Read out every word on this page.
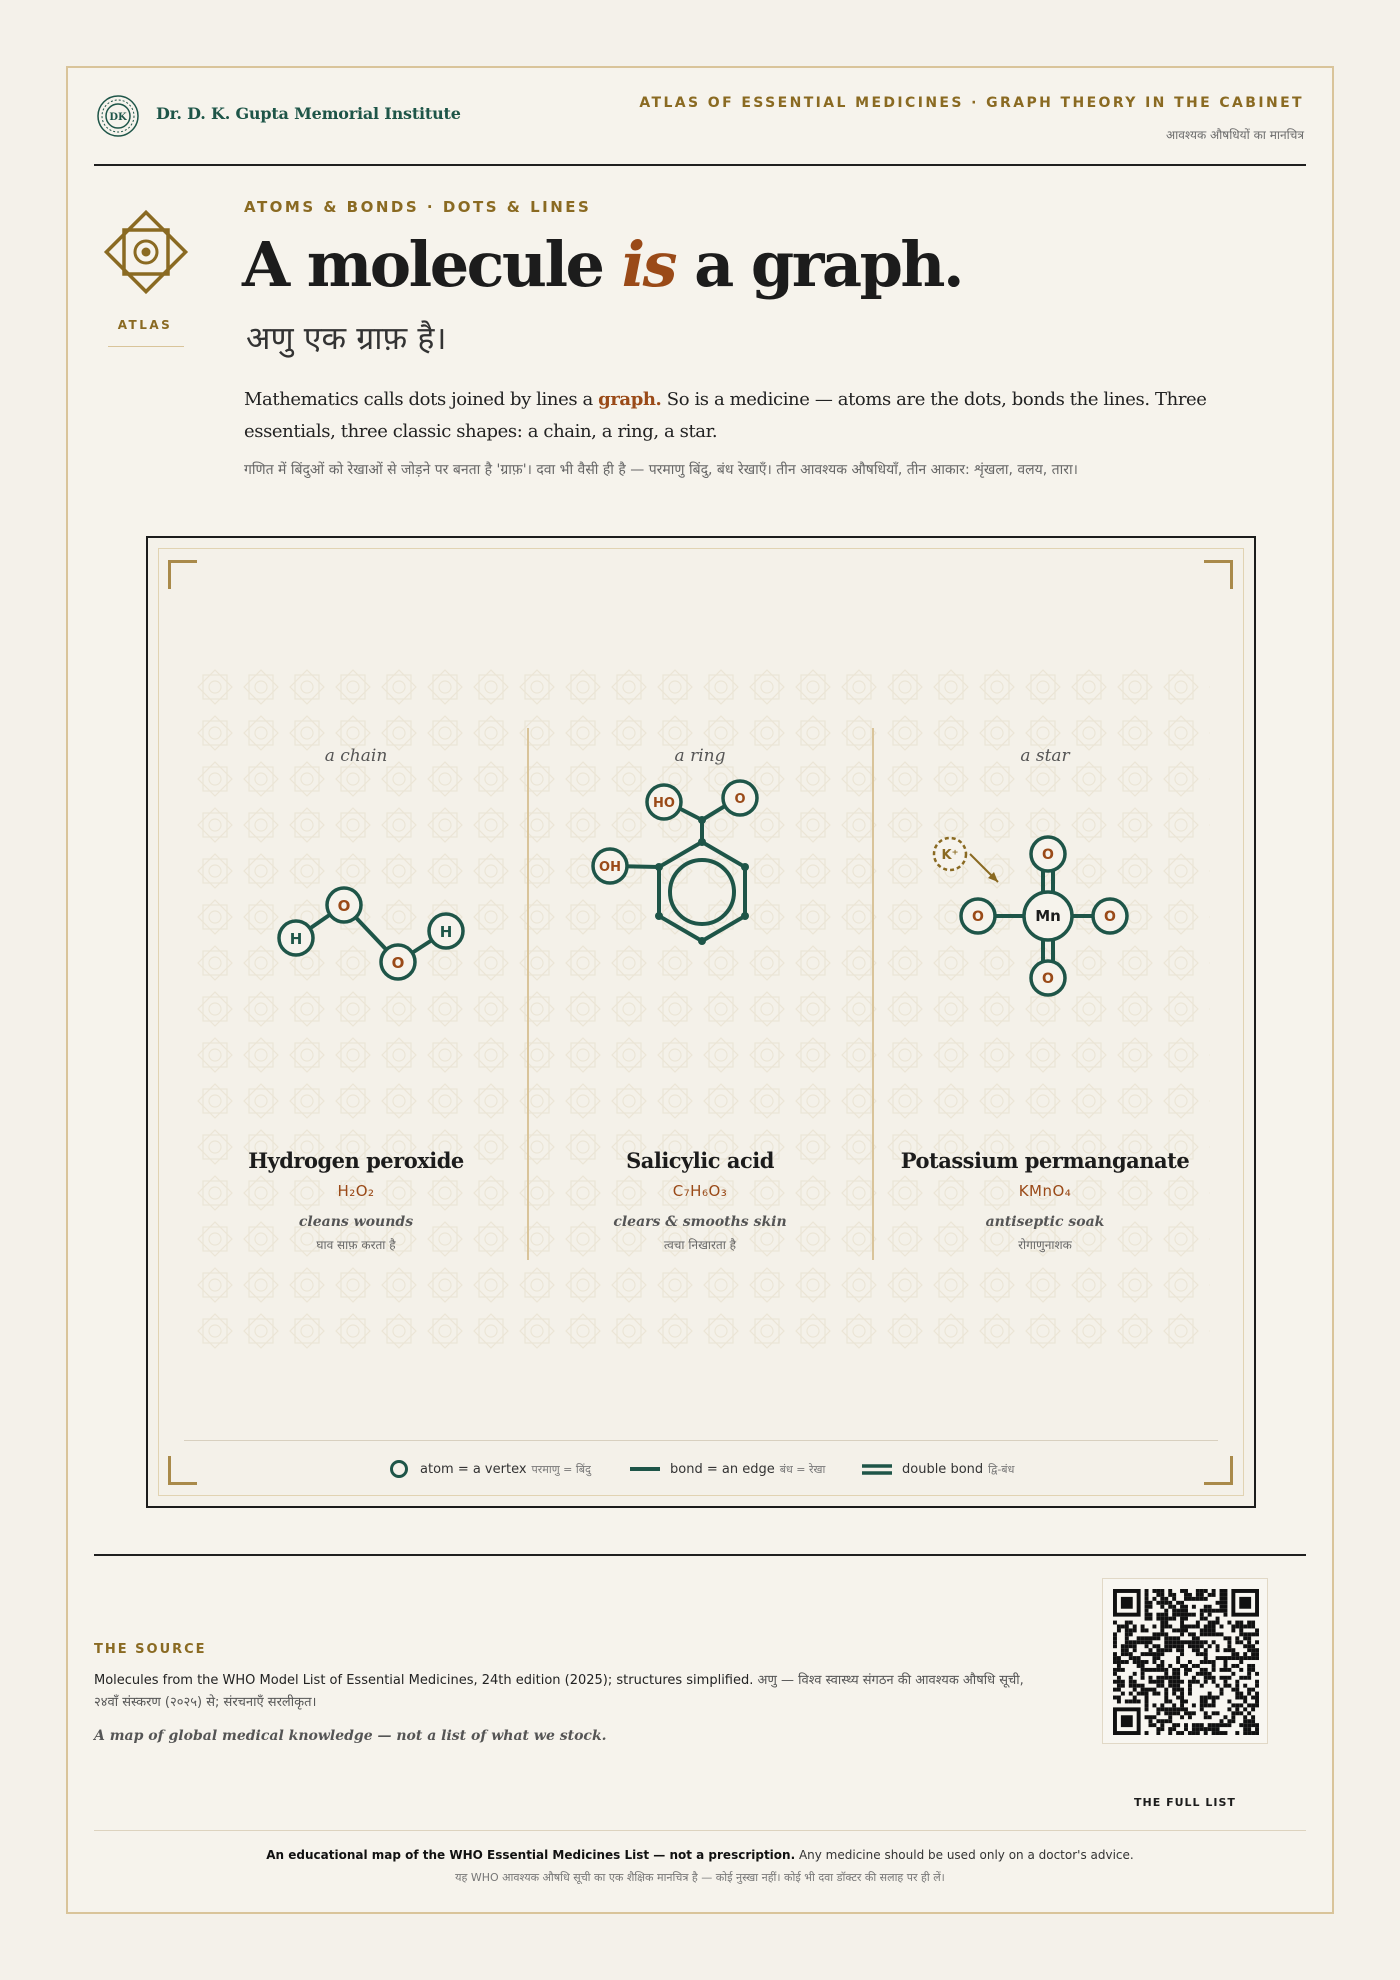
DK Dr. D. K. Gupta Memorial Institute
ATLAS OF ESSENTIAL MEDICINES · GRAPH THEORY IN THE CABINET
आवश्यक औषधियों का मानचित्र
ATLAS
ATOMS & BONDS · DOTS & LINES
A molecule is a graph.
अणु एक ग्राफ़ है।
Mathematics calls dots joined by lines a graph. So is a medicine — atoms are the dots, bonds the lines. Three essentials, three classic shapes: a chain, a ring, a star.
गणित में बिंदुओं को रेखाओं से जोड़ने पर बनता है 'ग्राफ़'। दवा भी वैसी ही है — परमाणु बिंदु, बंध रेखाएँ। तीन आवश्यक औषधियाँ, तीन आकार: शृंखला, वलय, तारा।
a chain	a ring	a star
H
O
O
H
HO	O
OH
K⁺
Mn
O
O	O
O
Hydrogen peroxide
H₂O₂
cleans wounds
घाव साफ़ करता है
Salicylic acid
C₇H₆O₃
clears & smooths skin
त्वचा निखारता है
Potassium permanganate
KMnO₄
antiseptic soak
रोगाणुनाशक
atom = a vertex परमाणु = बिंदु	bond = an edge बंध = रेखा	double bond द्वि-बंध
THE SOURCE
Molecules from the WHO Model List of Essential Medicines, 24th edition (2025); structures simplified. अणु — विश्व स्वास्थ्य संगठन की आवश्यक औषधि सूची, २४वाँ संस्करण (२०२५) से; संरचनाएँ सरलीकृत।
A map of global medical knowledge — not a list of what we stock.
THE FULL LIST
An educational map of the WHO Essential Medicines List — not a prescription. Any medicine should be used only on a doctor's advice.
यह WHO आवश्यक औषधि सूची का एक शैक्षिक मानचित्र है — कोई नुस्खा नहीं। कोई भी दवा डॉक्टर की सलाह पर ही लें।
